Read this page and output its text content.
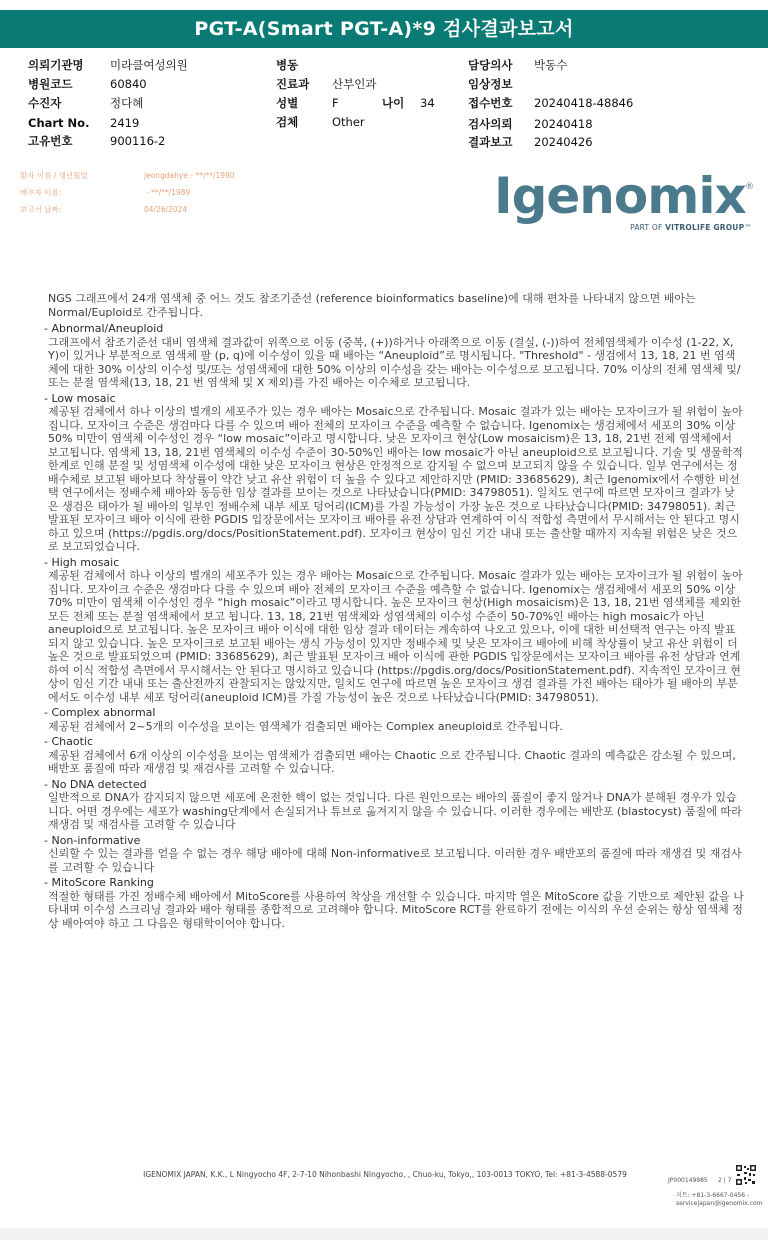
PGT-A(Smart PGT-A)*9 검사결과보고서
의뢰기관명 미라클여성의원
병원코드	60840
수진자	정다혜
Chart No. 2419
고유번호	900116-2
병동
진료과 산부인과
성별	F	나이 34
검체	Other
담당의사 박동수
임상정보
접수번호 20240418-48846
검사의뢰 20240418
결과보고 20240426
환자 이름 / 생년월일	jeongdahye - **/**/1990
배우자 이름:	- **/**/1989
보고서 날짜:	04/26/2024	Igenomix ®
PART OF VITROLIFE GROUP™
NGS 그래프에서 24개 염색체 중 어느 것도 참조기준선 (reference bioinformatics baseline)에 대해 편차를 나타내지 않으면 배아는 Normal/Euploid로 간주됩니다.
- Abnormal/Aneuploid
그래프에서 참조기준선 대비 염색체 결과값이 위쪽으로 이동 (중복, (+))하거나 아래쪽으로 이동 (결실, (-))하여 전체염색체가 이수성 (1-22, X, Y)이 있거나 부분적으로 염색체 팔 (p, q)에 이수성이 있을 때 배아는 “Aneuploid”로 명시됩니다. "Threshold" - 생검에서 13, 18, 21 번 염색체에 대한 30% 이상의 이수성 및/또는 성염색체에 대한 50% 이상의 이수성을 갖는 배아는 이수성으로 보고됩니다. 70% 이상의 전체 염색체 및/또는 분절 염색체(13, 18, 21 번 염색체 및 X 제외)를 가진 배아는 이수체로 보고됩니다.
- Low mosaic
제공된 검체에서 하나 이상의 별개의 세포주가 있는 경우 배아는 Mosaic으로 간주됩니다. Mosaic 결과가 있는 배아는 모자이크가 될 위험이 높아집니다. 모자이크 수준은 생검마다 다를 수 있으며 배아 전체의 모자이크 수준을 예측할 수 없습니다. Igenomix는 생검체에서 세포의 30% 이상 50% 미만이 염색체 이수성인 경우 “low mosaic”이라고 명시합니다. 낮은 모자이크 현상(Low mosaicism)은 13, 18, 21번 전체 염색체에서 보고됩니다. 염색체 13, 18, 21번 염색체의 이수성 수준이 30-50%인 배아는 low mosaic가 아닌 aneuploid으로 보고됩니다. 기술 및 생물학적 한계로 인해 분절 및 성염색체 이수성에 대한 낮은 모자이크 현상은 안정적으로 감지될 수 없으며 보고되지 않을 수 있습니다. 일부 연구에서는 정배수체로 보고된 배아보다 착상률이 약간 낮고 유산 위험이 더 높을 수 있다고 제안하지만 (PMID: 33685629), 최근 Igenomix에서 수행한 비선택 연구에서는 정배수체 배아와 동등한 임상 결과를 보이는 것으로 나타났습니다(PMID: 34798051). 일치도 연구에 따르면 모자이크 결과가 낮은 생검은 태아가 될 배아의 일부인 정배수체 내부 세포 덩어리(ICM)를 가질 가능성이 가장 높은 것으로 나타났습니다(PMID: 34798051). 최근 발표된 모자이크 배아 이식에 관한 PGDIS 입장문에서는 모자이크 배아를 유전 상담과 연계하여 이식 적합성 측면에서 무시해서는 안 된다고 명시하고 있으며 (https://pgdis.org/docs/PositionStatement.pdf). 모자이크 현상이 임신 기간 내내 또는 출산할 때까지 지속될 위험은 낮은 것으로 보고되었습니다.
- High mosaic
제공된 검체에서 하나 이상의 별개의 세포주가 있는 경우 배아는 Mosaic으로 간주됩니다. Mosaic 결과가 있는 배아는 모자이크가 될 위험이 높아집니다. 모자이크 수준은 생검마다 다를 수 있으며 배아 전체의 모자이크 수준을 예측할 수 없습니다. Igenomix는 생검체에서 세포의 50% 이상 70% 미만이 염색체 이수성인 경우 “high mosaic”이라고 명시합니다. 높은 모자이크 현상(High mosaicism)은 13, 18, 21번 염색체를 제외한 모든 전체 또는 분절 염색체에서 보고 됩니다. 13, 18, 21번 염색체와 성염색체의 이수성 수준이 50-70%인 배아는 high mosaic가 아닌 aneuploid으로 보고됩니다. 높은 모자이크 배아 이식에 대한 임상 결과 데이터는 계속하여 나오고 있으나, 이에 대한 비선택적 연구는 아직 발표되지 않고 있습니다. 높은 모자이크로 보고된 배아는 생식 가능성이 있지만 정배수체 및 낮은 모자이크 배아에 비해 착상률이 낮고 유산 위험이 더 높은 것으로 발표되었으며 (PMID: 33685629), 최근 발표된 모자이크 배아 이식에 관한 PGDIS 입장문에서는 모자이크 배아를 유전 상담과 연계하여 이식 적합성 측면에서 무시해서는 안 된다고 명시하고 있습니다 (https://pgdis.org/docs/PositionStatement.pdf). 지속적인 모자이크 현상이 임신 기간 내내 또는 출산전까지 관찰되지는 않았지만, 일치도 연구에 따르면 높은 모자이크 생검 결과를 가진 배아는 태아가 될 배아의 부분에서도 이수성 내부 세포 덩어리(aneuploid ICM)를 가질 가능성이 높은 것으로 나타났습니다(PMID: 34798051).
- Complex abnormal
제공된 검체에서 2~5개의 이수성을 보이는 염색체가 검출되면 배아는 Complex aneuploid로 간주됩니다.
- Chaotic
제공된 검체에서 6개 이상의 이수성을 보이는 염색체가 검출되면 배아는 Chaotic 으로 간주됩니다. Chaotic 결과의 예측값은 감소될 수 있으며, 배반포 품질에 따라 재생검 및 재검사를 고려할 수 있습니다.
- No DNA detected
일반적으로 DNA가 감지되지 않으면 세포에 온전한 핵이 없는 것입니다. 다른 원인으로는 배아의 품질이 좋지 않거나 DNA가 분해된 경우가 있습니다. 어떤 경우에는 세포가 washing단계에서 손실되거나 튜브로 옮겨지지 않을 수 있습니다. 이러한 경우에는 배반포 (blastocyst) 품질에 따라 재생검 및 재검사를 고려할 수 있습니다
- Non-informative
신뢰할 수 있는 결과를 얻을 수 없는 경우 해당 배아에 대해 Non-informative로 보고됩니다. 이러한 경우 배반포의 품질에 따라 재생검 및 재검사를 고려할 수 있습니다
- MitoScore Ranking
적절한 형태를 가진 정배수체 배아에서 MitoScore를 사용하여 착상을 개선할 수 있습니다. 마지막 열은 MitoScore 값을 기반으로 제안된 값을 나타내며 이수성 스크리닝 결과와 배아 형태를 종합적으로 고려해야 합니다. MitoScore RCT를 완료하기 전에는 이식의 우선 순위는 항상 염색체 정상 배아여야 하고 그 다음은 형태학이어야 합니다.
IGENOMIX JAPAN, K.K., L Ningyocho 4F, 2-7-10 Nihonbashi Ningyocho, , Chuo-ku, Tokyo,, 103-0013 TOKYO, Tel: +81-3-4588-0579
JP000149985 2 | 7
지트: +81-3-6667-0456 -
servicejapan@igenomix.com
